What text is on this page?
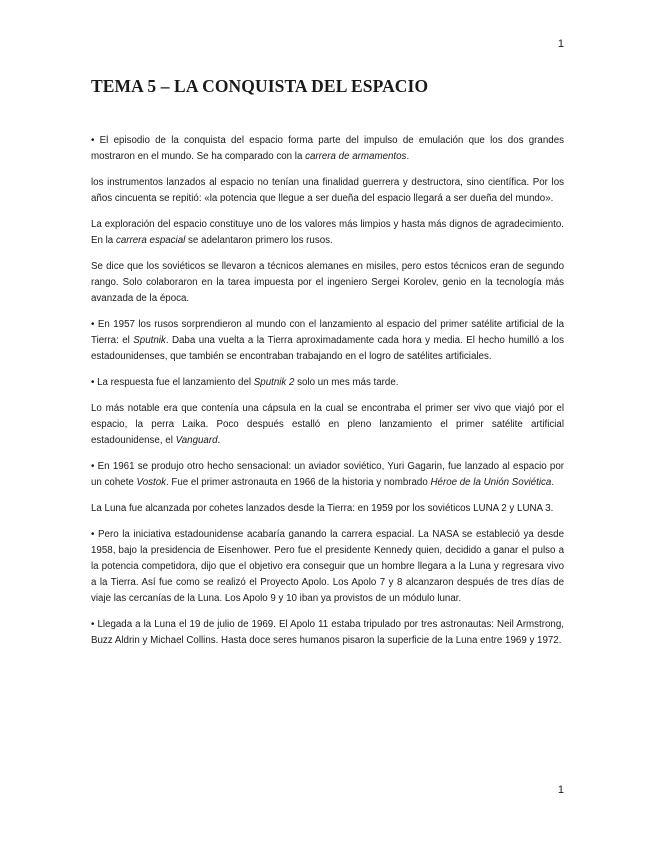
1
TEMA 5 – LA CONQUISTA DEL ESPACIO

• El episodio de la conquista del espacio forma parte del impulso de emulación que los dos grandes mostraron en el mundo. Se ha comparado con la carrera de armamentos.

los instrumentos lanzados al espacio no tenían una finalidad guerrera y destructora, sino científica. Por los años cincuenta se repitió: «la potencia que llegue a ser dueña del espacio llegará a ser dueña del mundo».

La exploración del espacio constituye uno de los valores más limpios y hasta más dignos de agradecimiento. En la carrera espacial se adelantaron primero los rusos.

Se dice que los soviéticos se llevaron a técnicos alemanes en misiles, pero estos técnicos eran de segundo rango. Solo colaboraron en la tarea impuesta por el ingeniero Sergei Korolev, genio en la tecnología más avanzada de la época.

• En 1957 los rusos sorprendieron al mundo con el lanzamiento al espacio del primer satélite artificial de la Tierra: el Sputnik. Daba una vuelta a la Tierra aproximadamente cada hora y media. El hecho humilló a los estadounidenses, que también se encontraban trabajando en el logro de satélites artificiales.

• La respuesta fue el lanzamiento del Sputnik 2 solo un mes más tarde.

Lo más notable era que contenía una cápsula en la cual se encontraba el primer ser vivo que viajó por el espacio, la perra Laika. Poco después estalló en pleno lanzamiento el primer satélite artificial estadounidense, el Vanguard.

• En 1961 se produjo otro hecho sensacional: un aviador soviético, Yuri Gagarin, fue lanzado al espacio por un cohete Vostok. Fue el primer astronauta en 1966 de la historia y nombrado Héroe de la Unión Soviética.

La Luna fue alcanzada por cohetes lanzados desde la Tierra: en 1959 por los soviéticos LUNA 2 y LUNA 3.

• Pero la iniciativa estadounidense acabaría ganando la carrera espacial. La NASA se estableció ya desde 1958, bajo la presidencia de Eisenhower. Pero fue el presidente Kennedy quien, decidido a ganar el pulso a la potencia competidora, dijo que el objetivo era conseguir que un hombre llegara a la Luna y regresara vivo a la Tierra. Así fue como se realizó el Proyecto Apolo. Los Apolo 7 y 8 alcanzaron después de tres días de viaje las cercanías de la Luna. Los Apolo 9 y 10 iban ya provistos de un módulo lunar.

• Llegada a la Luna el 19 de julio de 1969. El Apolo 11 estaba tripulado por tres astronautas: Neil Armstrong, Buzz Aldrin y Michael Collins. Hasta doce seres humanos pisaron la superficie de la Luna entre 1969 y 1972.

1
